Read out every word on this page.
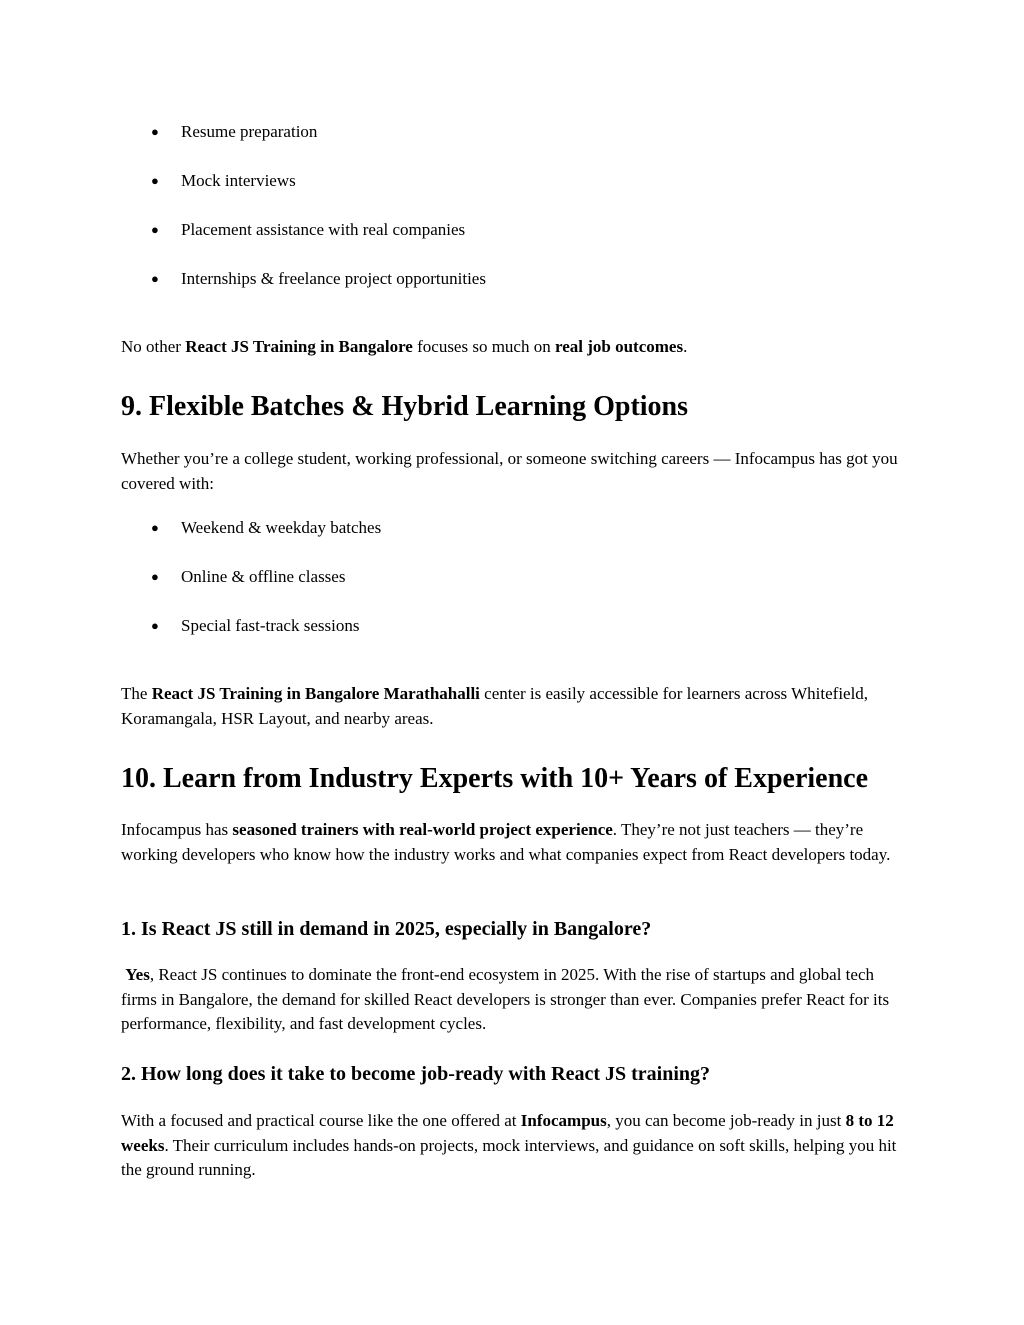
● Resume preparation
● Mock interviews
● Placement assistance with real companies
● Internships & freelance project opportunities

No other React JS Training in Bangalore focuses so much on real job outcomes.

9. Flexible Batches & Hybrid Learning Options

Whether you’re a college student, working professional, or someone switching careers — Infocampus has got you covered with:

● Weekend & weekday batches
● Online & offline classes
● Special fast-track sessions

The React JS Training in Bangalore Marathahalli center is easily accessible for learners across Whitefield, Koramangala, HSR Layout, and nearby areas.

10. Learn from Industry Experts with 10+ Years of Experience

Infocampus has seasoned trainers with real-world project experience. They’re not just teachers — they’re working developers who know how the industry works and what companies expect from React developers today.

1. Is React JS still in demand in 2025, especially in Bangalore?

Yes, React JS continues to dominate the front-end ecosystem in 2025. With the rise of startups and global tech firms in Bangalore, the demand for skilled React developers is stronger than ever. Companies prefer React for its performance, flexibility, and fast development cycles.

2. How long does it take to become job-ready with React JS training?

With a focused and practical course like the one offered at Infocampus, you can become job-ready in just 8 to 12 weeks. Their curriculum includes hands-on projects, mock interviews, and guidance on soft skills, helping you hit the ground running.
